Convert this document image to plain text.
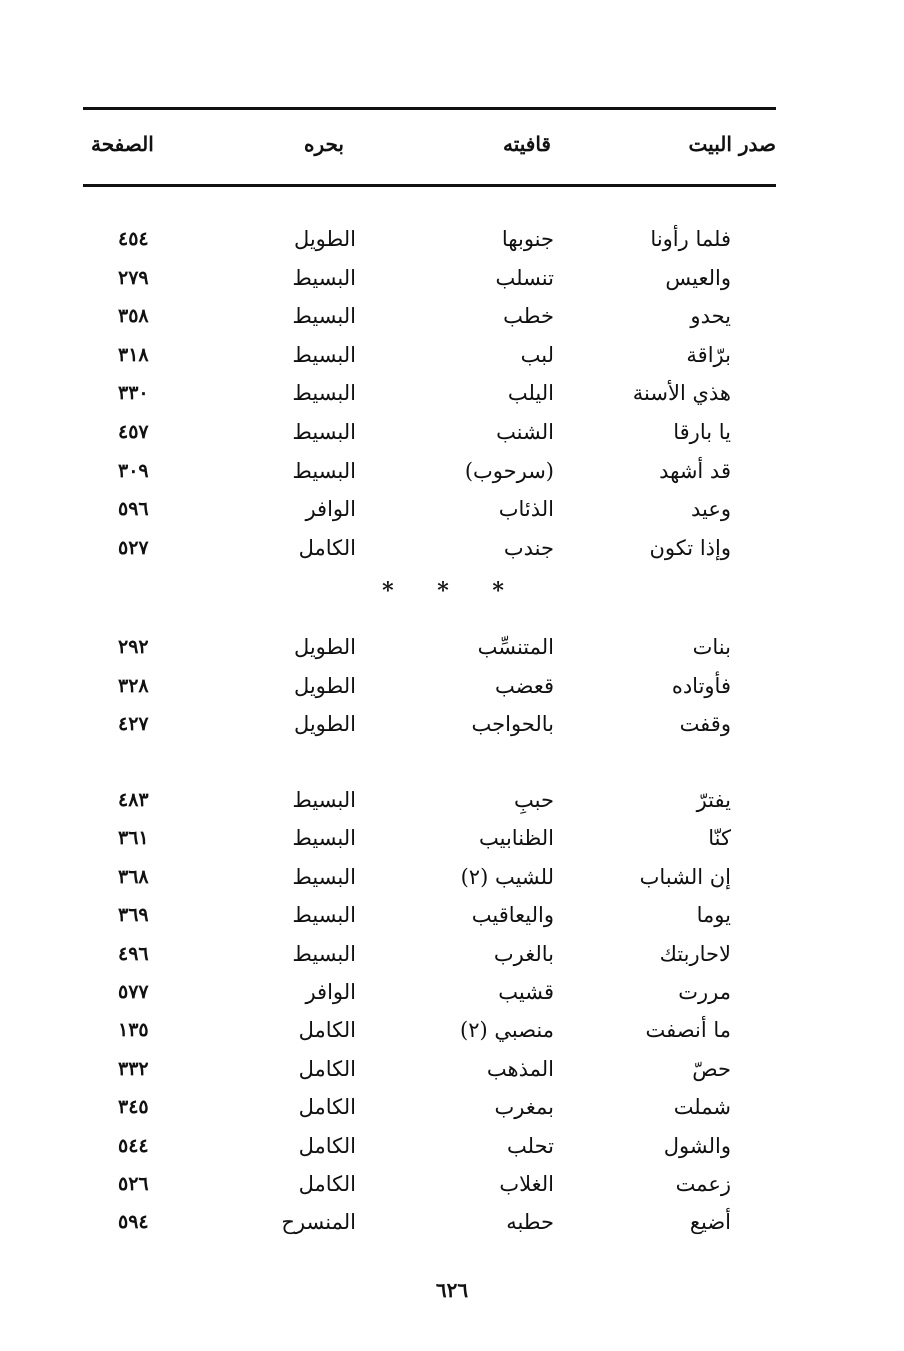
صدر البيت
قافيته
بحره
الصفحة
فلما رأونا
جنوبها
الطويل
٤٥٤
والعيس
تنسلب
البسيط
٢٧٩
يحدو
خطب
البسيط
٣٥٨
برّاقة
لبب
البسيط
٣١٨
هذي الأسنة
اليلب
البسيط
٣٣٠
يا بارقا
الشنب
البسيط
٤٥٧
قد أشهد
(سرحوب)
البسيط
٣٠٩
وعيد
الذئاب
الوافر
٥٩٦
وإذا تكون
جندب
الكامل
٥٢٧
بنات
المتنسِّب
الطويل
٢٩٢
فأوتاده
قعضب
الطويل
٣٢٨
وقفت
بالحواجب
الطويل
٤٢٧
يفترّ
حببِ
البسيط
٤٨٣
كنّا
الظنابيب
البسيط
٣٦١
إن الشباب
للشيب (٢)
البسيط
٣٦٨
يوما
واليعاقيب
البسيط
٣٦٩
لاحاربتك
بالغرب
البسيط
٤٩٦
مررت
قشيب
الوافر
٥٧٧
ما أنصفت
منصبي (٢)
الكامل
١٣٥
حصّ
المذهب
الكامل
٣٣٢
شملت
بمغرب
الكامل
٣٤٥
والشول
تحلب
الكامل
٥٤٤
زعمت
الغلاب
الكامل
٥٢٦
أضيع
حطبه
المنسرح
٥٩٤
* * *
٦٢٦
